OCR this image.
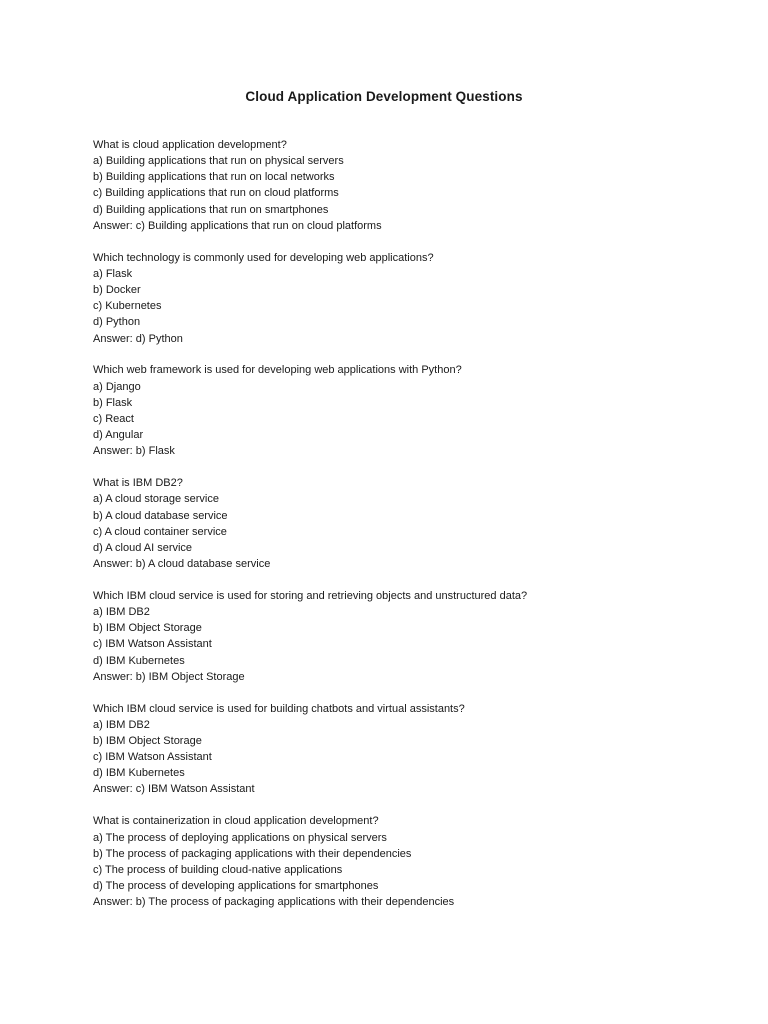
Cloud Application Development Questions
What is cloud application development?
a) Building applications that run on physical servers
b) Building applications that run on local networks
c) Building applications that run on cloud platforms
d) Building applications that run on smartphones
Answer: c) Building applications that run on cloud platforms
Which technology is commonly used for developing web applications?
a) Flask
b) Docker
c) Kubernetes
d) Python
Answer: d) Python
Which web framework is used for developing web applications with Python?
a) Django
b) Flask
c) React
d) Angular
Answer: b) Flask
What is IBM DB2?
a) A cloud storage service
b) A cloud database service
c) A cloud container service
d) A cloud AI service
Answer: b) A cloud database service
Which IBM cloud service is used for storing and retrieving objects and unstructured data?
a) IBM DB2
b) IBM Object Storage
c) IBM Watson Assistant
d) IBM Kubernetes
Answer: b) IBM Object Storage
Which IBM cloud service is used for building chatbots and virtual assistants?
a) IBM DB2
b) IBM Object Storage
c) IBM Watson Assistant
d) IBM Kubernetes
Answer: c) IBM Watson Assistant
What is containerization in cloud application development?
a) The process of deploying applications on physical servers
b) The process of packaging applications with their dependencies
c) The process of building cloud-native applications
d) The process of developing applications for smartphones
Answer: b) The process of packaging applications with their dependencies
